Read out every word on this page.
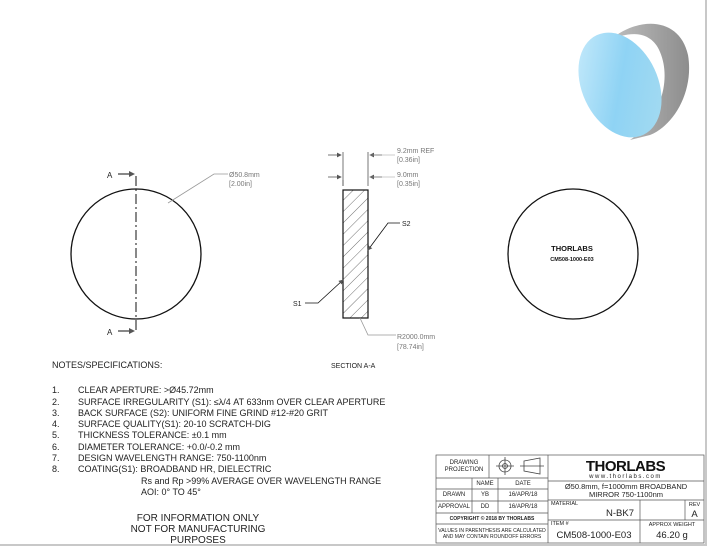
A
A
Ø50.8mm
[2.00in]
9.2mm REF
[0.36in]
9.0mm
[0.35in]
S1
S2
R2000.0mm
[78.74in]
SECTION A-A
THORLABS
CM508-1000-E03
NOTES/SPECIFICATIONS:
1.	CLEAR APERTURE: >Ø45.72mm
2.	SURFACE IRREGULARITY (S1): ≤λ/4 AT 633nm OVER CLEAR APERTURE
3.	BACK SURFACE (S2): UNIFORM FINE GRIND #12-#20 GRIT
4.	SURFACE QUALITY(S1): 20-10 SCRATCH-DIG
5.	THICKNESS TOLERANCE: ±0.1 mm
6.	DIAMETER TOLERANCE: +0.0/-0.2 mm
7.	DESIGN WAVELENGTH RANGE: 750-1100nm
8.	COATING(S1): BROADBAND HR, DIELECTRIC
Rs and Rp >99% AVERAGE OVER WAVELENGTH RANGE
AOI: 0° TO 45°
FOR INFORMATION ONLY
NOT FOR MANUFACTURING PURPOSES
DRAWING PROJECTION
NAME	DATE
DRAWN	YB	16/APR/18
APPROVAL	DD	16/APR/18
COPYRIGHT © 2018 BY THORLABS
VALUES IN PARENTHESIS ARE CALCULATED AND MAY CONTAIN ROUNDOFF ERRORS
THORLABS
www.thorlabs.com
Ø50.8mm, f=1000mm BROADBAND MIRROR 750-1100nm
MATERIAL
N-BK7
REV
A
ITEM #
CM508-1000-E03
APPROX WEIGHT
46.20 g
